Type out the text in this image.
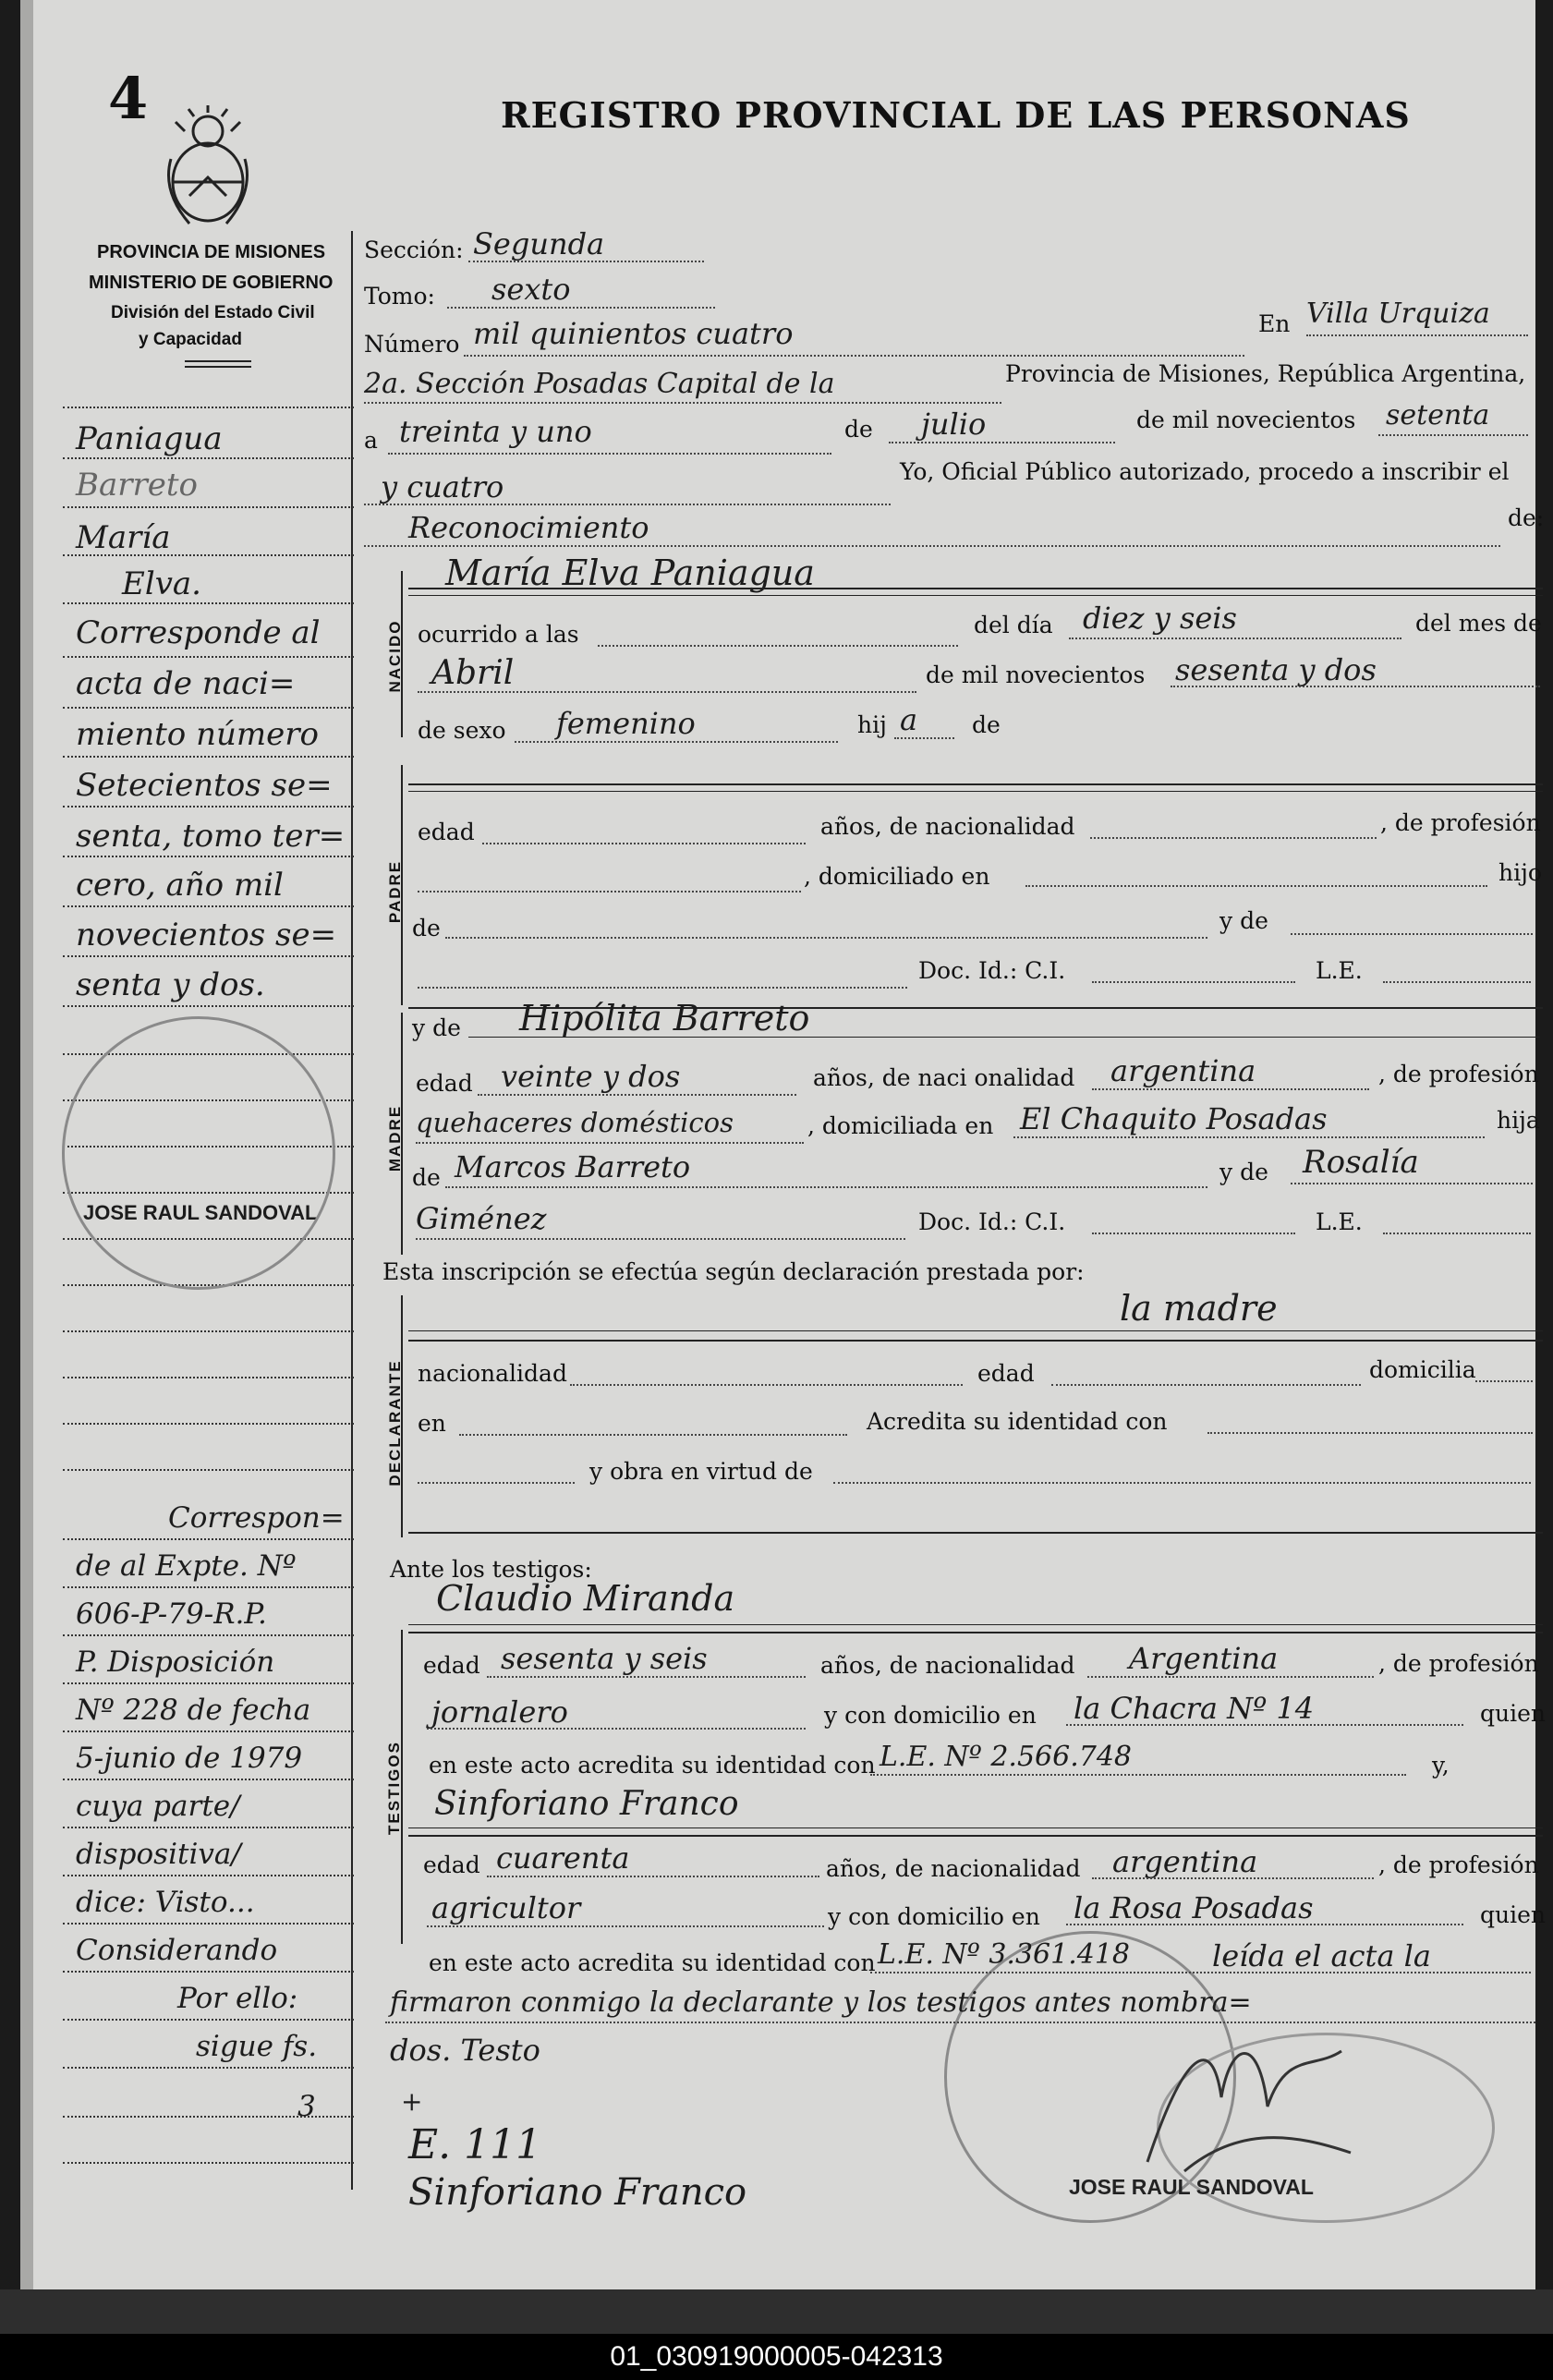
4	REGISTRO PROVINCIAL DE LAS PERSONAS
PROVINCIA DE MISIONES
MINISTERIO DE GOBIERNO
División del Estado Civil
y Capacidad
Paniagua
Barreto
María
Elva.
Corresponde al
acta de naci=
miento número
Setecientos se=
senta, tomo ter=
cero, año mil
novecientos se=
senta y dos.
JOSE RAUL SANDOVAL
Correspon=
de al Expte. Nº
606-P-79-R.P.
P. Disposición
Nº 228 de fecha
5-junio de 1979
cuya parte/
dispositiva/
dice: Visto...
Considerando
Por ello:
sigue fs.
3
Sección: Segunda
Tomo: sexto
Número mil quinientos cuatro	En Villa Urquiza
2a. Sección Posadas Capital de la	Provincia de Misiones, República Argentina,
a treinta y uno	de julio	de mil novecientos setenta
y cuatro	Yo, Oficial Público autorizado, procedo a inscribir el
Reconocimiento	de:
NACIDO
María Elva Paniagua
ocurrido a las	del día diez y seis	del mes de
Abril	de mil novecientos sesenta y dos
de sexo femenino	hij a de
PADRE
edad	años, de nacionalidad	, de profesión
, domiciliado en	hijo
de	y de
Doc. Id.: C.I.	L.E.
MADRE
y de Hipólita Barreto
edad veinte y dos	años, de naci onalidad argentina	, de profesión
quehaceres domésticos	, domiciliada en El Chaquito Posadas	hija
de Marcos Barreto	y de Rosalía
Giménez	Doc. Id.: C.I.	L.E.
Esta inscripción se efectúa según declaración prestada por:
DECLARANTE
la madre
nacionalidad	edad	domicilia
en	Acredita su identidad con
y obra en virtud de
Ante los testigos:
TESTIGOS
Claudio Miranda
edad sesenta y seis	años, de nacionalidad Argentina	, de profesión
jornalero	y con domicilio en la Chacra Nº 14	quien
en este acto acredita su identidad con L.E. Nº 2.566.748	y,
Sinforiano Franco
edad cuarenta	años, de nacionalidad argentina	, de profesión
agricultor	y con domicilio en la Rosa Posadas	quien
en este acto acredita su identidad con L.E. Nº 3.361.418	leída el acta la
firmaron conmigo la declarante y los testigos antes nombra=
dos. Testo
+
E. 111
Sinforiano Franco	JOSE RAUL SANDOVAL
01_030919000005-042313
